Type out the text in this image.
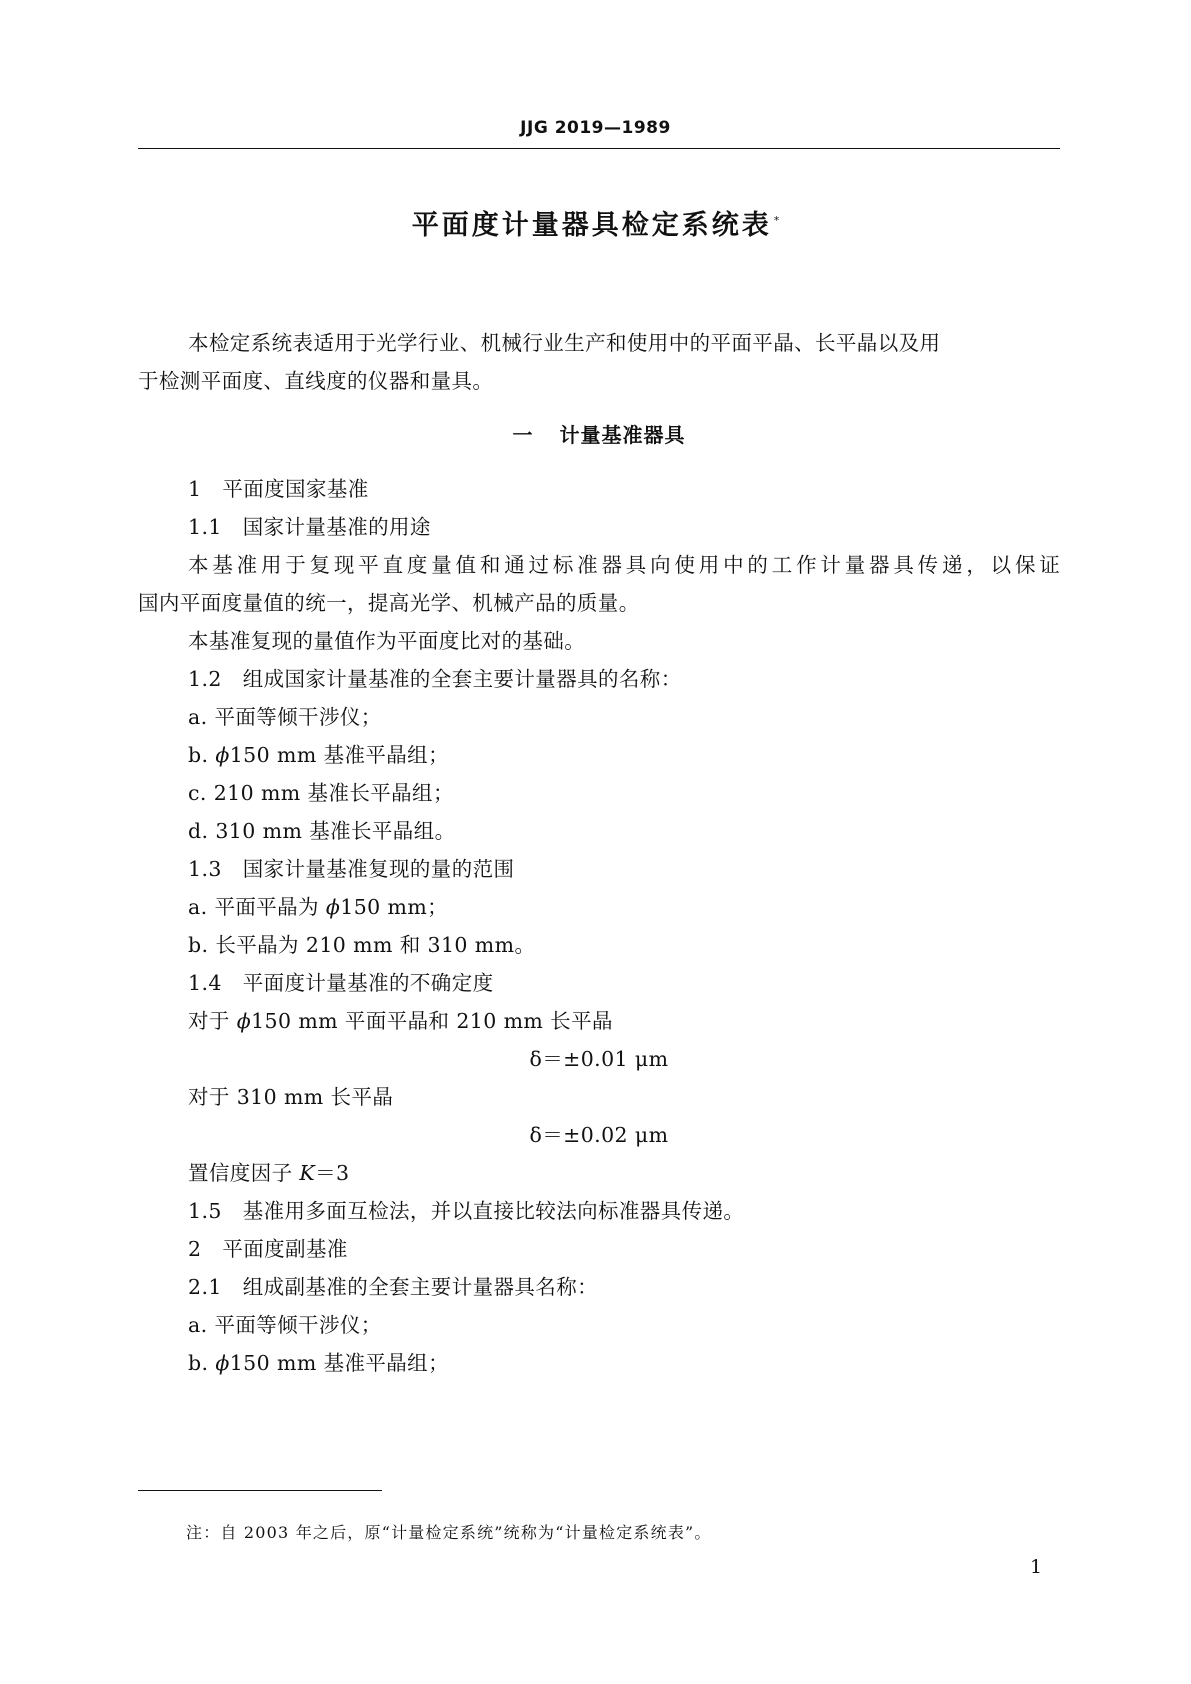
JJG 2019—1989
平面度计量器具检定系统表 *
本检定系统表适用于光学行业、机械行业生产和使用中的平面平晶、长平晶以及用
于检测平面度、直线度的仪器和量具。
一 计量基准器具
1　平面度国家基准
1.1　国家计量基准的用途
本基准用于复现平直度量值和通过标准器具向使用中的工作计量器具传递，以保证
国内平面度量值的统一，提高光学、机械产品的质量。
本基准复现的量值作为平面度比对的基础。
1.2　组成国家计量基准的全套主要计量器具的名称：
a. 平面等倾干涉仪；
b. ϕ150 mm 基准平晶组；
c. 210 mm 基准长平晶组；
d. 310 mm 基准长平晶组。
1.3　国家计量基准复现的量的范围
a. 平面平晶为 ϕ150 mm；
b. 长平晶为 210 mm 和 310 mm。
1.4　平面度计量基准的不确定度
对于 ϕ150 mm 平面平晶和 210 mm 长平晶
δ＝±0.01 μm
对于 310 mm 长平晶
δ＝±0.02 μm
置信度因子 K＝3
1.5　基准用多面互检法，并以直接比较法向标准器具传递。
2　平面度副基准
2.1　组成副基准的全套主要计量器具名称：
a. 平面等倾干涉仪；
b. ϕ150 mm 基准平晶组；
注：自 2003 年之后，原“计量检定系统”统称为“计量检定系统表”。
1
